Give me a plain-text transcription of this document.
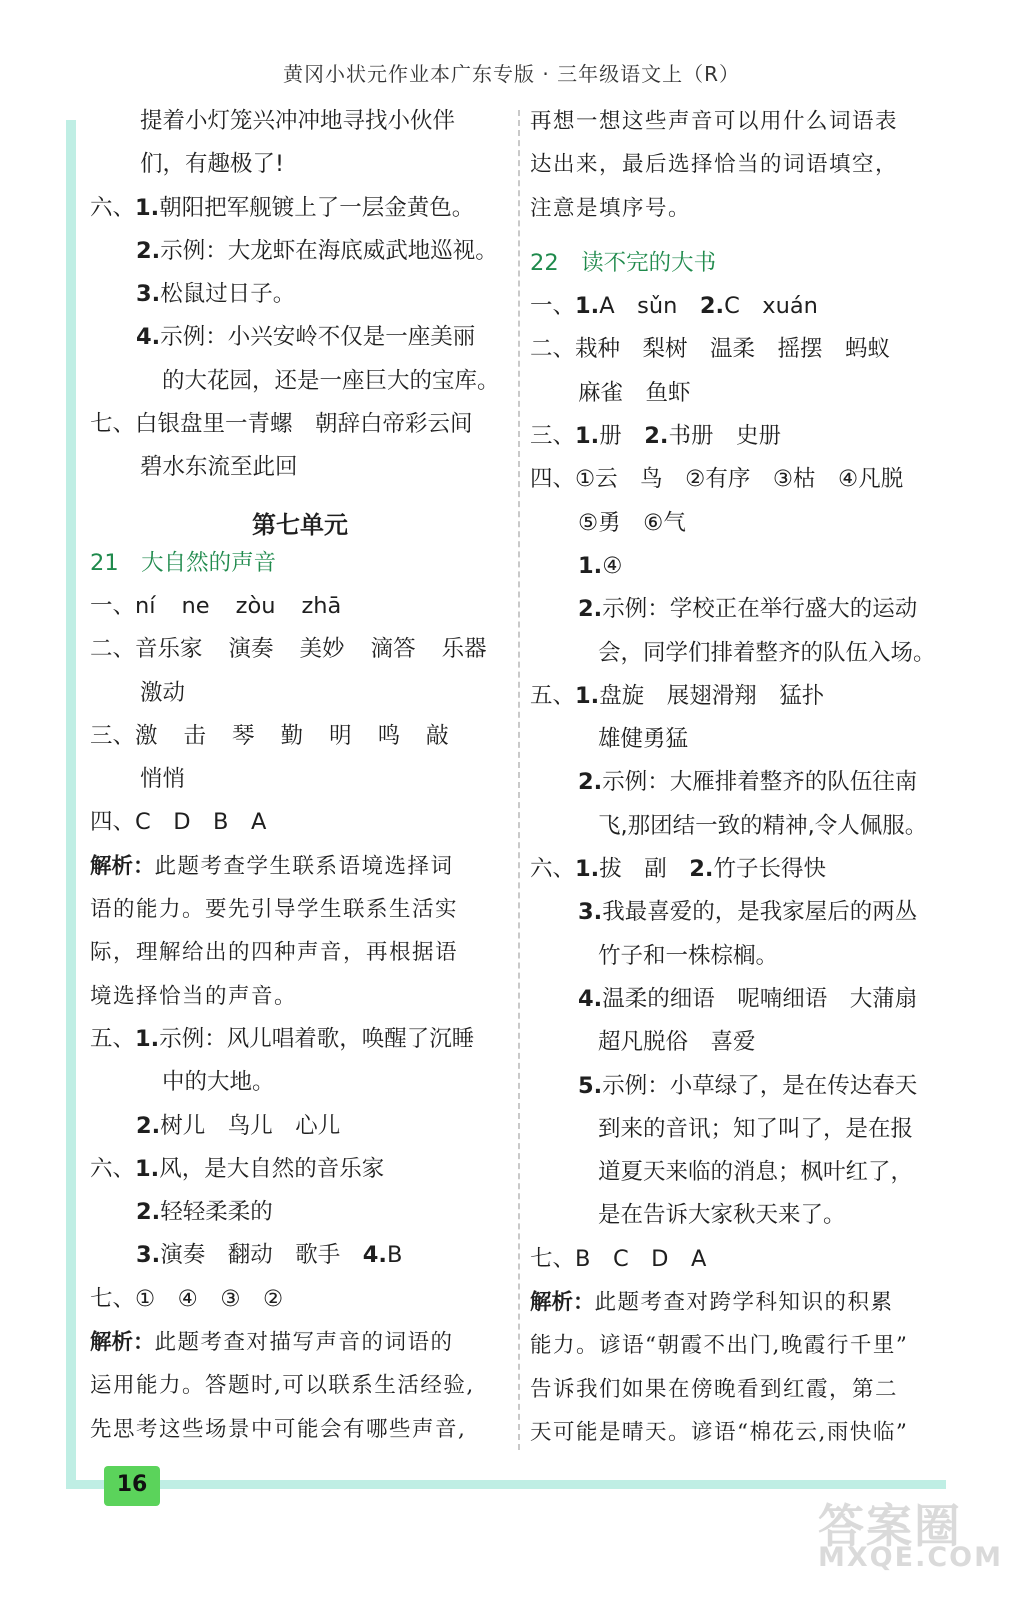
黄冈小状元作业本广东专版 · 三年级语文上（R）
提着小灯笼兴冲冲地寻找小伙伴
们，有趣极了!
六、1.朝阳把军舰镀上了一层金黄色。
2.示例：大龙虾在海底威武地巡视。
3.松鼠过日子。
4.示例：小兴安岭不仅是一座美丽
的大花园，还是一座巨大的宝库。
七、白银盘里一青螺　朝辞白帝彩云间
碧水东流至此回
第七单元
21　 大自然的声音
一、ní ne zòu zhā
二、音乐家 演奏 美妙 滴答 乐器
激动
三、激 击 琴 勤 明 鸣 敲
悄悄
四、C　D　B　A
解析：此题考查学生联系语境选择词
语的能力。要先引导学生联系生活实
际，理解给出的四种声音，再根据语
境选择恰当的声音。
五、1.示例：风儿唱着歌，唤醒了沉睡
中的大地。
2.树儿　鸟儿　心儿
六、1.风，是大自然的音乐家
2.轻轻柔柔的
3.演奏　翻动　歌手　 4.B
七、①　④　③　②
解析：此题考查对描写声音的词语的
运用能力。答题时,可以联系生活经验,
先思考这些场景中可能会有哪些声音,
再想一想这些声音可以用什么词语表
达出来，最后选择恰当的词语填空，
注意是填序号。
22　 读不完的大书
一、1.A　sǔn　 2.C　xuán
二、栽种　梨树　温柔　摇摆　蚂蚁
麻雀　鱼虾
三、1.册　 2.书册　史册
四、①云　鸟　②有序　③枯　④凡脱
⑤勇　⑥气
1.④
2.示例：学校正在举行盛大的运动
会，同学们排着整齐的队伍入场。
五、1.盘旋　展翅滑翔　猛扑
雄健勇猛
2.示例：大雁排着整齐的队伍往南
飞,那团结一致的精神,令人佩服。
六、1.拔　副　 2.竹子长得快
3.我最喜爱的，是我家屋后的两丛
竹子和一株棕榈。
4.温柔的细语　呢喃细语　大蒲扇
超凡脱俗　喜爱
5.示例：小草绿了，是在传达春天
到来的音讯；知了叫了，是在报
道夏天来临的消息；枫叶红了，
是在告诉大家秋天来了。
七、B　C　D　A
解析：此题考查对跨学科知识的积累
能力。谚语“朝霞不出门,晚霞行千里”
告诉我们如果在傍晚看到红霞，第二
天可能是晴天。谚语“棉花云,雨快临”
16
答案圈
MXQE.COM
